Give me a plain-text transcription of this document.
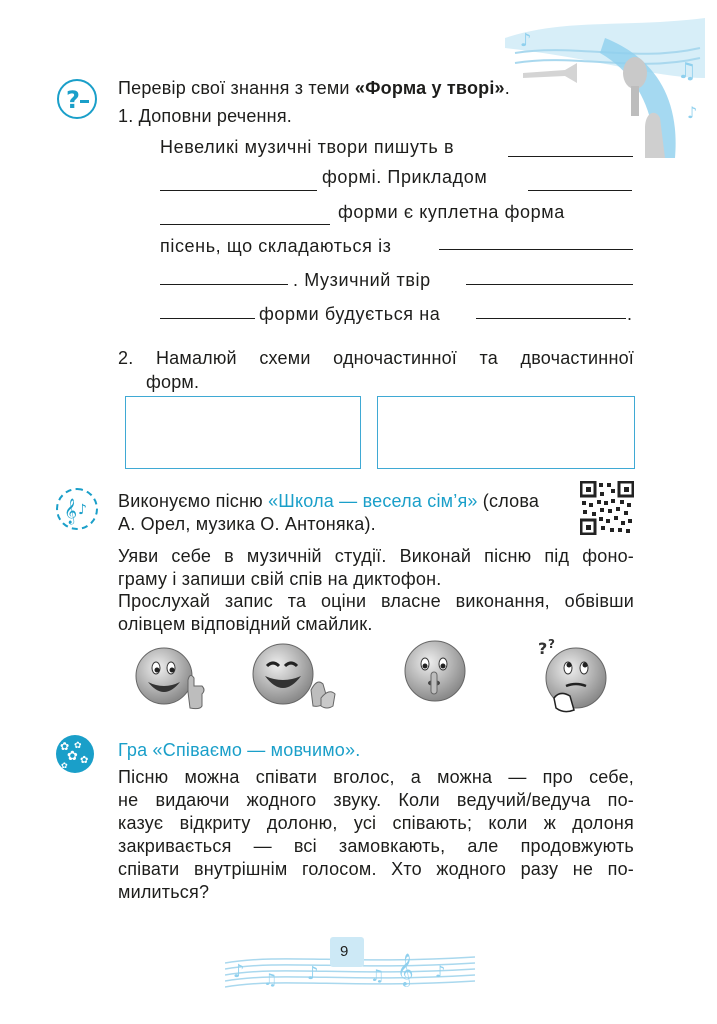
♪
♫
♪
? Перевір свої знання з теми «Форма у творі».
1. Доповни речення.
Невеликі музичні твори пишуть в
формі. Прикладом
форми є куплетна форма
пісень, що складаються із
. Музичний твір
форми будується на	.
2. Намалюй схеми одночастинної та двочастинної
форм.
𝄞 ♪ Виконуємо пісню «Школа — весела сім’я» (слова
А. Орел, музика О. Антоняка).
Уяви себе в музичній студії. Виконай пісню під фоно-
граму і запиши свій спів на диктофон.
Прослухай запис та оціни власне виконання, обвівши
олівцем відповідний смайлик.
? ?
✿ ✿
✿ ✿
✿
Гра «Співаємо — мовчимо».
Пісню можна співати вголос, а можна — про себе,
не видаючи жодного звуку. Коли ведучий/ведуча по-
казує відкриту долоню, усі співають; коли ж долоня
закривається — всі замовкають, але продовжують
співати внутрішнім голосом. Хто жодного разу не по-
милиться?
♪ ♫ ♪	♫ 𝄞 ♪
9
